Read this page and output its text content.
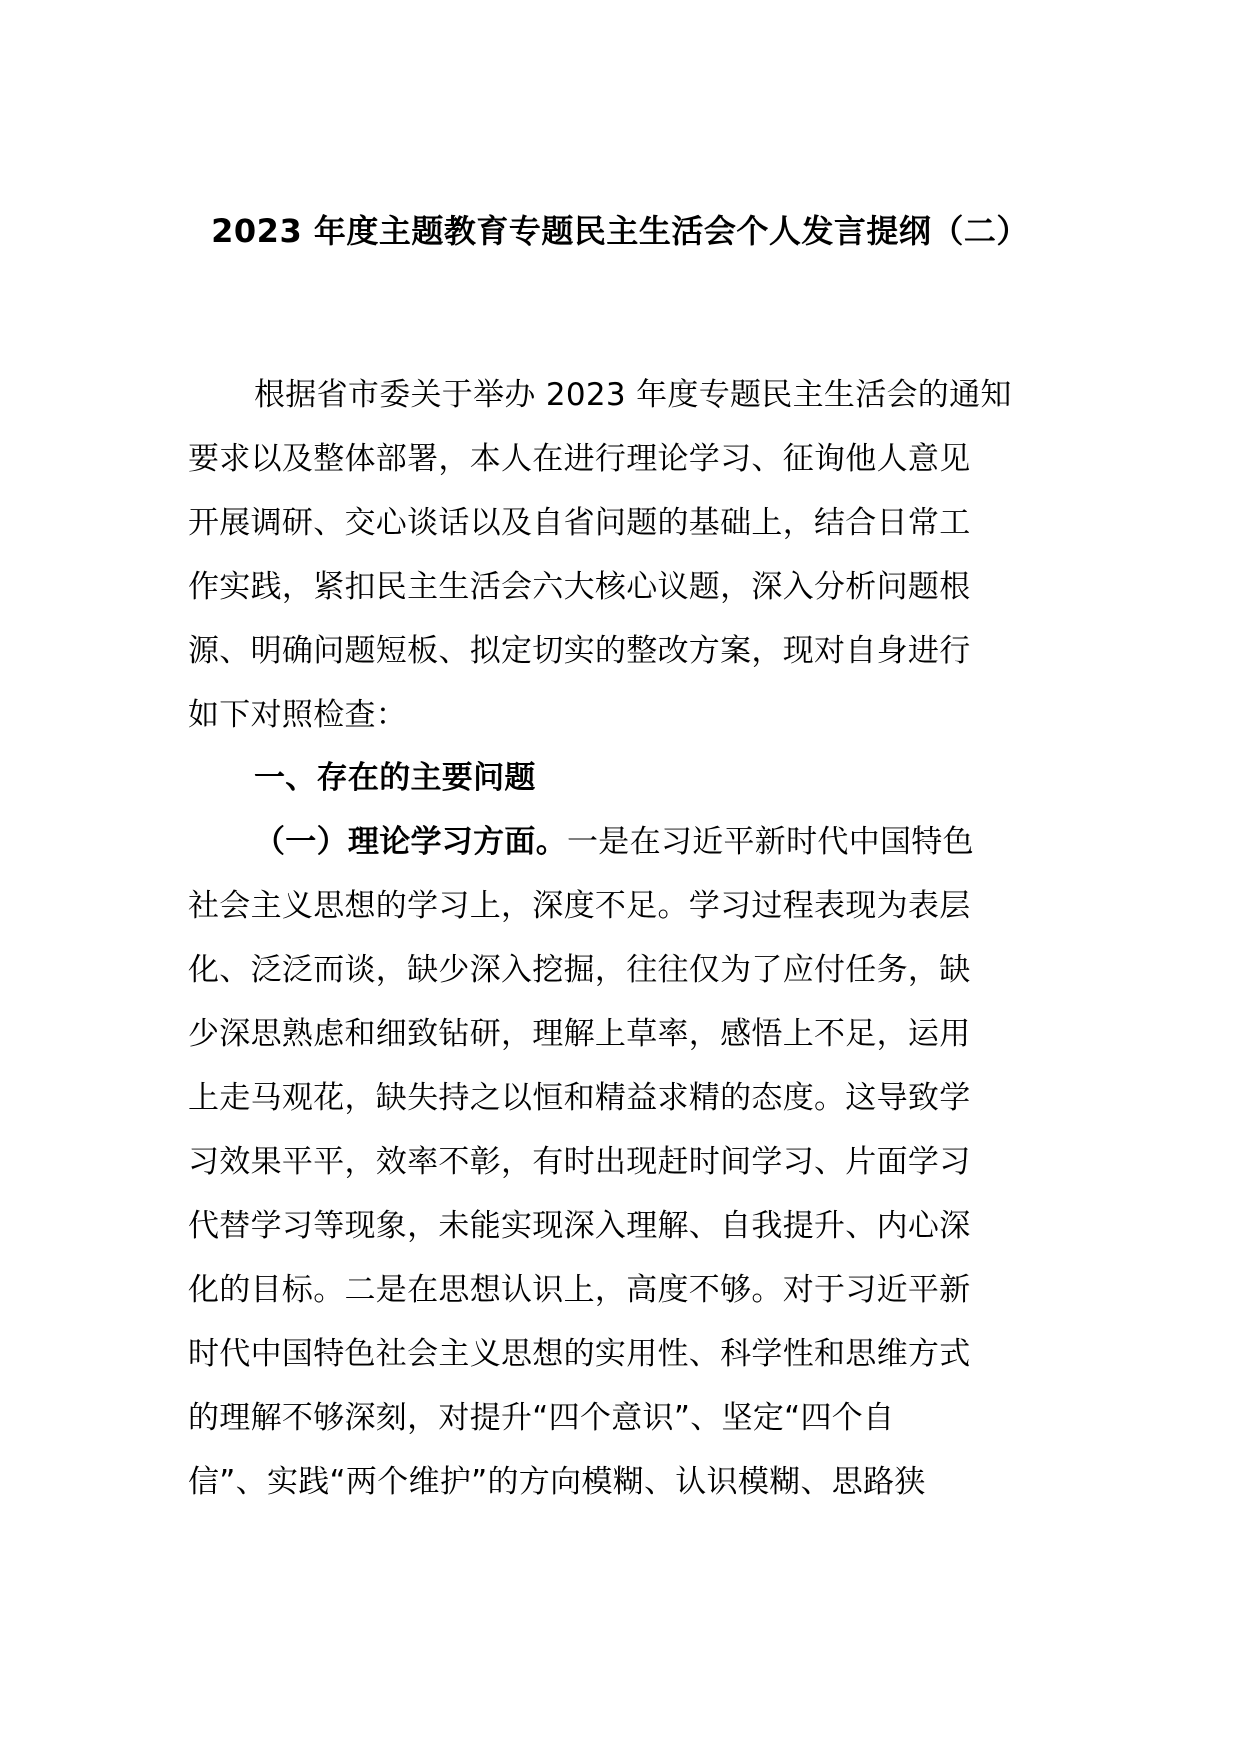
2023 年度主题教育专题民主生活会个人发言提纲（二）
根据省市委关于举办 2023 年度专题民主生活会的通知
要求以及整体部署，本人在进行理论学习、征询他人意见
开展调研、交心谈话以及自省问题的基础上，结合日常工
作实践，紧扣民主生活会六大核心议题，深入分析问题根
源、明确问题短板、拟定切实的整改方案，现对自身进行
如下对照检查：
一、存在的主要问题
（一）理论学习方面。一是在习近平新时代中国特色
社会主义思想的学习上，深度不足。学习过程表现为表层
化、泛泛而谈，缺少深入挖掘，往往仅为了应付任务，缺
少深思熟虑和细致钻研，理解上草率，感悟上不足，运用
上走马观花，缺失持之以恒和精益求精的态度。这导致学
习效果平平，效率不彰，有时出现赶时间学习、片面学习
代替学习等现象，未能实现深入理解、自我提升、内心深
化的目标。二是在思想认识上，高度不够。对于习近平新
时代中国特色社会主义思想的实用性、科学性和思维方式
的理解不够深刻，对提升“四个意识”、坚定“四个自
信”、实践“两个维护”的方向模糊、认识模糊、思路狭
